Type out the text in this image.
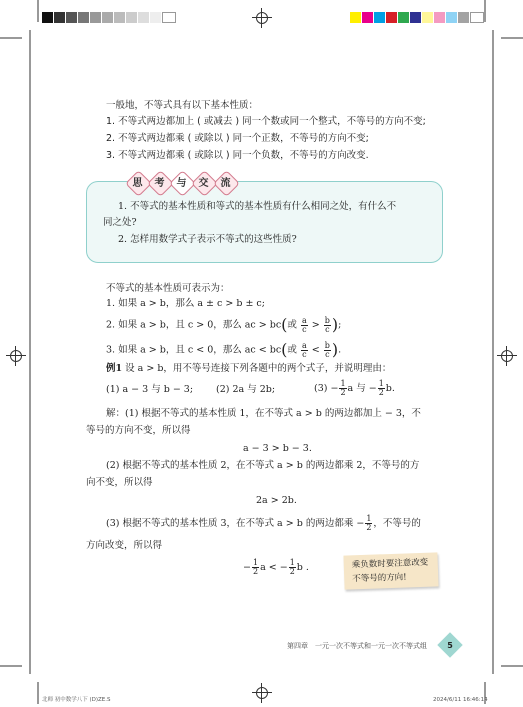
一般地，不等式具有以下基本性质：
1. 不等式两边都加上 ( 或减去 ) 同一个数或同一个整式，不等号的方向不变;
2. 不等式两边都乘 ( 或除以 ) 同一个正数，不等号的方向不变;
3. 不等式两边都乘 ( 或除以 ) 同一个负数，不等号的方向改变.
思	考	与	交	流
1. 不等式的基本性质和等式的基本性质有什么相同之处，有什么不
同之处?
2. 怎样用数学式子表示不等式的这些性质?
不等式的基本性质可表示为：
1. 如果 a > b，那么 a ± c > b ± c;
2. 如果 a > b，且 c > 0，那么 ac > bc(或 $\frac{a}{c} > \frac{b}{c}$ );
3. 如果 a > b，且 c < 0，那么 ac < bc(或 $\frac{a}{c} < \frac{b}{c}$ ).
例1 设 a > b，用不等号连接下列各题中的两个式子，并说明理由：
(1) a − 3 与 b − 3; (2) 2a 与 2b;	$(3) - \frac{1}{2}$ a 与 − $\frac{1}{2} b$.
解：(1) 根据不等式的基本性质 1，在不等式 a > b 的两边都加上 − 3，不
等号的方向不变，所以得
a − 3 > b − 3.
(2) 根据不等式的基本性质 2，在不等式 a > b 的两边都乘 2，不等号的方
向不变，所以得
2a > 2b.
(3) 根据不等式的基本性质 3，在不等式 a > b 的两边都乘 − $\frac{1}{2}$ ，不等号的
方向改变，所以得
− $\frac{1}{2}$ a < − $\frac{1}{2}$ b .	乘负数时要注意改变
不等号的方向!
第四章　一元一次不等式和一元一次不等式组	5
北师 初中数学八下 (D)ZE.S	2024/6/11 16:46:14
